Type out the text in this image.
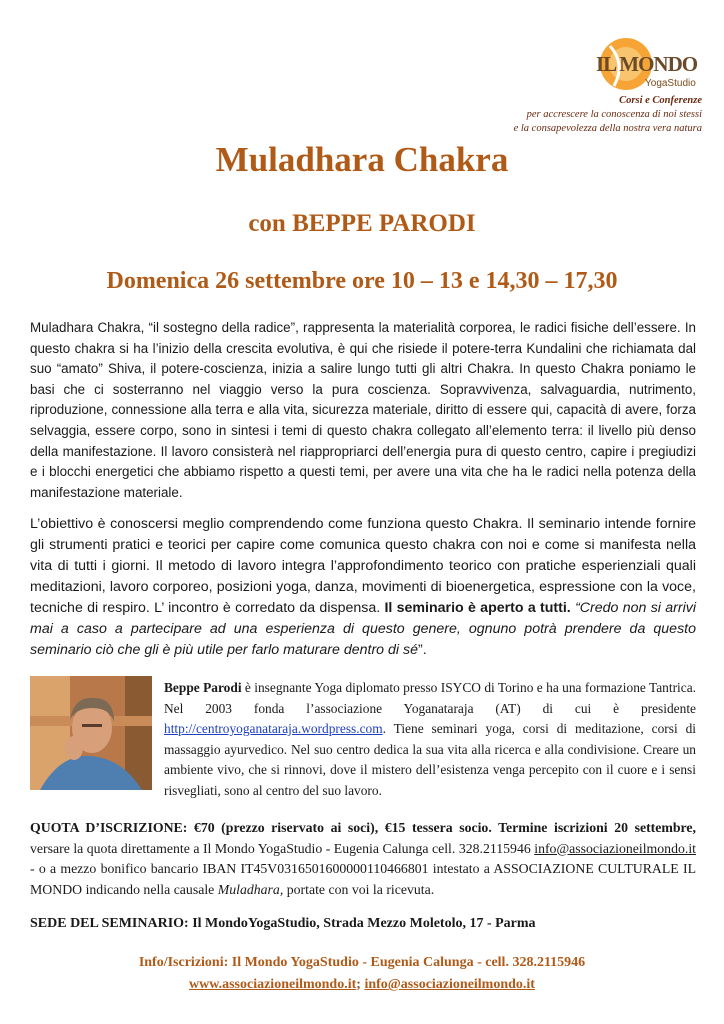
IL MONDO
YogaStudio
Corsi e Conferenze
per accrescere la conoscenza di noi stessi
e la consapevolezza della nostra vera natura
Muladhara Chakra
con BEPPE PARODI
Domenica 26 settembre ore 10 – 13 e 14,30 – 17,30
Muladhara Chakra, “il sostegno della radice”, rappresenta la materialità corporea, le radici fisiche dell’essere. In questo chakra si ha l’inizio della crescita evolutiva, è qui che risiede il potere-terra Kundalini che richiamata dal suo “amato” Shiva, il potere-coscienza, inizia a salire lungo tutti gli altri Chakra. In questo Chakra poniamo le basi che ci sosterranno nel viaggio verso la pura coscienza. Sopravvivenza, salvaguardia, nutrimento, riproduzione, connessione alla terra e alla vita, sicurezza materiale, diritto di essere qui, capacità di avere, forza selvaggia, essere corpo, sono in sintesi i temi di questo chakra collegato all’elemento terra: il livello più denso della manifestazione. Il lavoro consisterà nel riappropriarci dell’energia pura di questo centro, capire i pregiudizi e i blocchi energetici che abbiamo rispetto a questi temi, per avere una vita che ha le radici nella potenza della manifestazione materiale.
L’obiettivo è conoscersi meglio comprendendo come funziona questo Chakra. Il seminario intende fornire gli strumenti pratici e teorici per capire come comunica questo chakra con noi e come si manifesta nella vita di tutti i giorni. Il metodo di lavoro integra l’approfondimento teorico con pratiche esperienziali quali meditazioni, lavoro corporeo, posizioni yoga, danza, movimenti di bioenergetica, espressione con la voce, tecniche di respiro. L’ incontro è corredato da dispensa. Il seminario è aperto a tutti. “Credo non si arrivi mai a caso a partecipare ad una esperienza di questo genere, ognuno potrà prendere da questo seminario ciò che gli è più utile per farlo maturare dentro di sé”.
Beppe Parodi è insegnante Yoga diplomato presso ISYCO di Torino e ha una formazione Tantrica. Nel 2003 fonda l’associazione Yoganataraja (AT) di cui è presidente http://centroyoganataraja.wordpress.com. Tiene seminari yoga, corsi di meditazione, corsi di massaggio ayurvedico. Nel suo centro dedica la sua vita alla ricerca e alla condivisione. Creare un ambiente vivo, che si rinnovi, dove il mistero dell’esistenza venga percepito con il cuore e i sensi risvegliati, sono al centro del suo lavoro.
QUOTA D’ISCRIZIONE: €70 (prezzo riservato ai soci), €15 tessera socio. Termine iscrizioni 20 settembre, versare la quota direttamente a Il Mondo YogaStudio - Eugenia Calunga cell. 328.2115946 info@associazioneilmondo.it - o a mezzo bonifico bancario IBAN IT45V0316501600000110466801 intestato a ASSOCIAZIONE CULTURALE IL MONDO indicando nella causale Muladhara, portate con voi la ricevuta.
SEDE DEL SEMINARIO: Il MondoYogaStudio, Strada Mezzo Moletolo, 17 - Parma
Info/Iscrizioni: Il Mondo YogaStudio - Eugenia Calunga - cell. 328.2115946
www.associazioneilmondo.it; info@associazioneilmondo.it
